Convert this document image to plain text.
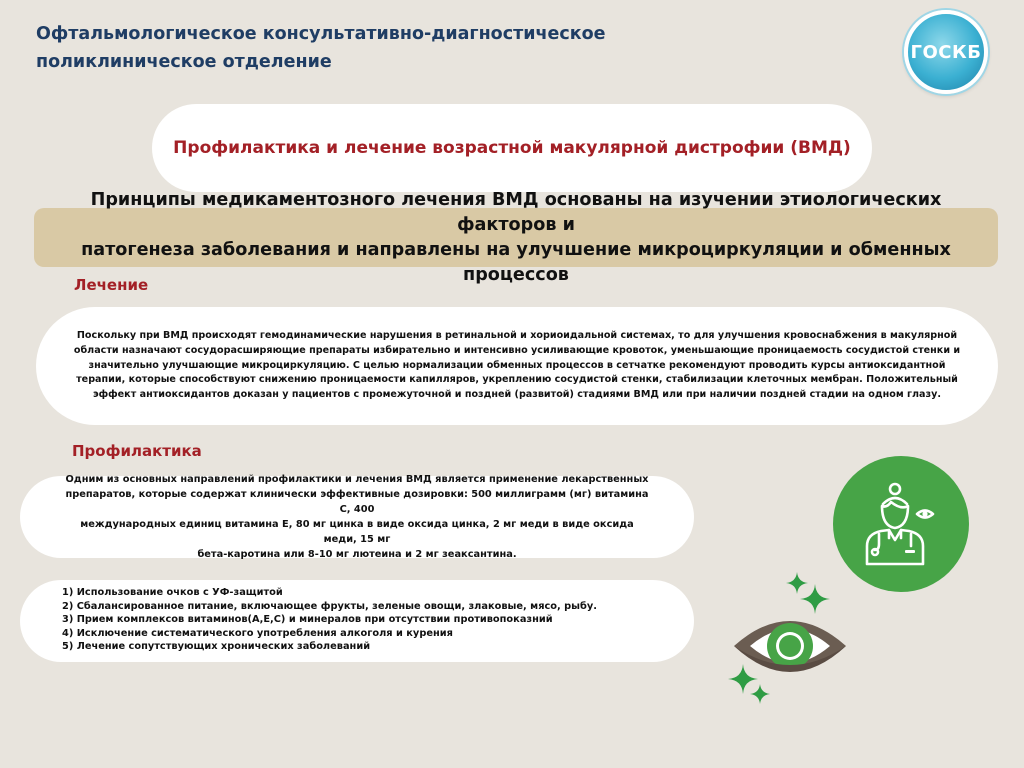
Офтальмологическое консультативно-диагностическое
поликлиническое отделение	ГОСКБ
Профилактика и лечение возрастной макулярной дистрофии (ВМД)
Принципы медикаментозного лечения ВМД основаны на изучении этиологических факторов и
патогенеза заболевания и направлены на улучшение микроциркуляции и обменных процессов
Лечение
Поскольку при ВМД происходят гемодинамические нарушения в ретинальной и хориоидальной системах, то для улучшения кровоснабжения в макулярной
области назначают сосудорасширяющие препараты избирательно и интенсивно усиливающие кровоток, уменьшающие проницаемость сосудистой стенки и
значительно улучшающие микроциркуляцию. С целью нормализации обменных процессов в сетчатке рекомендуют проводить курсы антиоксидантной
терапии, которые способствуют снижению проницаемости капилляров, укреплению сосудистой стенки, стабилизации клеточных мембран. Положительный
эффект антиоксидантов доказан у пациентов с промежуточной и поздней (развитой) стадиями ВМД или при наличии поздней стадии на одном глазу.
Профилактика
Одним из основных направлений профилактики и лечения ВМД является применение лекарственных
препаратов, которые содержат клинически эффективные дозировки: 500 миллиграмм (мг) витамина С, 400
международных единиц витамина Е, 80 мг цинка в виде оксида цинка, 2 мг меди в виде оксида меди, 15 мг
бета-каротина или 8-10 мг лютеина и 2 мг зеаксантина.
1) Использование очков с УФ-защитой
2) Сбалансированное питание, включающее фрукты, зеленые овощи, злаковые, мясо, рыбу.
3) Прием комплексов витаминов(А,Е,С) и минералов при отсутствии противопоказний
4) Исключение систематического употребления алкоголя и курения
5) Лечение сопутствующих хронических заболеваний
